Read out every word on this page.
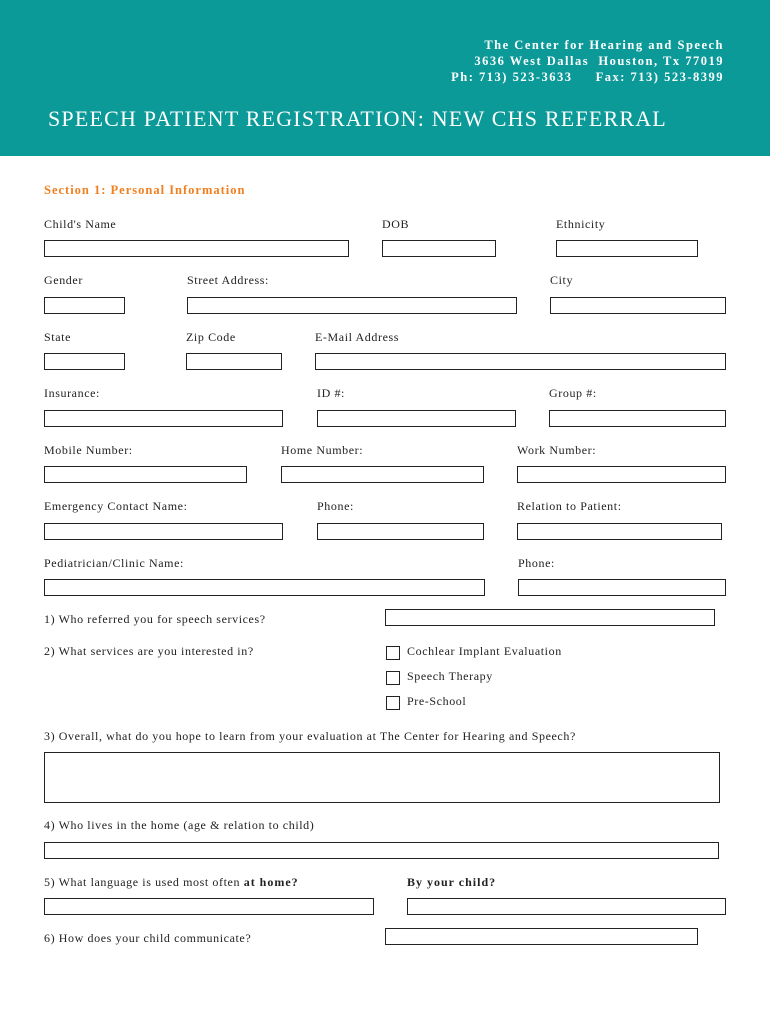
The Center for Hearing and Speech
3636 West Dallas  Houston, Tx 77019
Ph: 713) 523-3633     Fax: 713) 523-8399
SPEECH PATIENT REGISTRATION: NEW CHS REFERRAL
Section 1: Personal Information
Child's Name	DOB	Ethnicity
Gender	Street Address:	City
State	Zip Code	E-Mail Address
Insurance:	ID #:	Group #:
Mobile Number:	Home Number:	Work Number:
Emergency Contact Name:	Phone:	Relation to Patient:
Pediatrician/Clinic Name:	Phone:
1) Who referred you for speech services?
2) What services are you interested in?	Cochlear Implant Evaluation
Speech Therapy
Pre-School
3) Overall, what do you hope to learn from your evaluation at The Center for Hearing and Speech?
4) Who lives in the home (age & relation to child)
5) What language is used most often at home?	By your child?
6) How does your child communicate?
